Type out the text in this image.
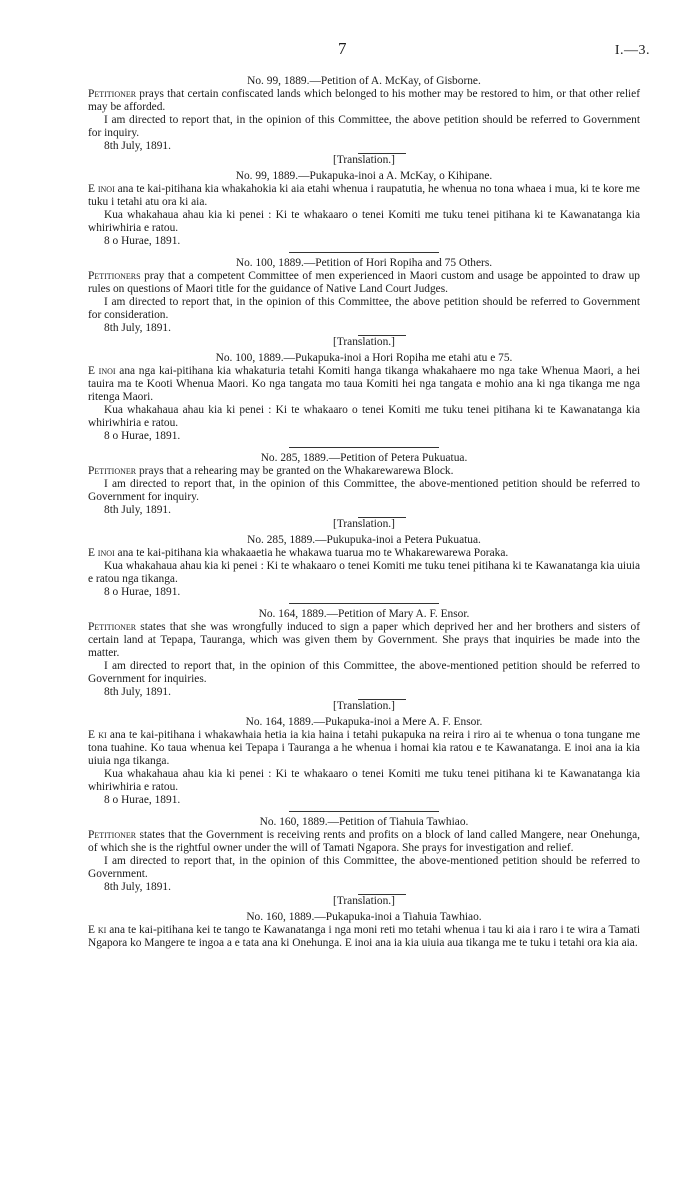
7	I.—3.

No. 99, 1889.—Petition of A. McKay, of Gisborne.

Petitioner prays that certain confiscated lands which belonged to his mother may be restored to him, or that other relief may be afforded.

I am directed to report that, in the opinion of this Committee, the above petition should be referred to Government for inquiry.

8th July, 1891.

[Translation.]

No. 99, 1889.—Pukapuka-inoi a A. McKay, o Kihipane.

E inoi ana te kai-pitihana kia whakahokia ki aia etahi whenua i raupatutia, he whenua no tona whaea i mua, ki te kore me tuku i tetahi atu ora ki aia.

Kua whakahaua ahau kia ki penei : Ki te whakaaro o tenei Komiti me tuku tenei pitihana ki te Kawanatanga kia whiriwhiria e ratou.

8 o Hurae, 1891.

No. 100, 1889.—Petition of Hori Ropiha and 75 Others.

Petitioners pray that a competent Committee of men experienced in Maori custom and usage be appointed to draw up rules on questions of Maori title for the guidance of Native Land Court Judges.

I am directed to report that, in the opinion of this Committee, the above petition should be referred to Government for consideration.

8th July, 1891.

[Translation.]

No. 100, 1889.—Pukapuka-inoi a Hori Ropiha me etahi atu e 75.

E inoi ana nga kai-pitihana kia whakaturia tetahi Komiti hanga tikanga whakahaere mo nga take Whenua Maori, a hei tauira ma te Kooti Whenua Maori. Ko nga tangata mo taua Komiti hei nga tangata e mohio ana ki nga tikanga me nga ritenga Maori.

Kua whakahaua ahau kia ki penei : Ki te whakaaro o tenei Komiti me tuku tenei pitihana ki te Kawanatanga kia whiriwhiria e ratou.

8 o Hurae, 1891.

No. 285, 1889.—Petition of Petera Pukuatua.

Petitioner prays that a rehearing may be granted on the Whakarewarewa Block.

I am directed to report that, in the opinion of this Committee, the above-mentioned petition should be referred to Government for inquiry.

8th July, 1891.

[Translation.]

No. 285, 1889.—Pukupuka-inoi a Petera Pukuatua.

E inoi ana te kai-pitihana kia whakaaetia he whakawa tuarua mo te Whakarewarewa Poraka.

Kua whakahaua ahau kia ki penei : Ki te whakaaro o tenei Komiti me tuku tenei pitihana ki te Kawanatanga kia uiuia e ratou nga tikanga.

8 o Hurae, 1891.

No. 164, 1889.—Petition of Mary A. F. Ensor.

Petitioner states that she was wrongfully induced to sign a paper which deprived her and her brothers and sisters of certain land at Tepapa, Tauranga, which was given them by Government. She prays that inquiries be made into the matter.

I am directed to report that, in the opinion of this Committee, the above-mentioned petition should be referred to Government for inquiries.

8th July, 1891.

[Translation.]

No. 164, 1889.—Pukapuka-inoi a Mere A. F. Ensor.

E ki ana te kai-pitihana i whakawhaia hetia ia kia haina i tetahi pukapuka na reira i riro ai te whenua o tona tungane me tona tuahine. Ko taua whenua kei Tepapa i Tauranga a he whenua i homai kia ratou e te Kawanatanga. E inoi ana ia kia uiuia nga tikanga.

Kua whakahaua ahau kia ki penei : Ki te whakaaro o tenei Komiti me tuku tenei pitihana ki te Kawanatanga kia whiriwhiria e ratou.

8 o Hurae, 1891.

No. 160, 1889.—Petition of Tiahuia Tawhiao.

Petitioner states that the Government is receiving rents and profits on a block of land called Mangere, near Onehunga, of which she is the rightful owner under the will of Tamati Ngapora. She prays for investigation and relief.

I am directed to report that, in the opinion of this Committee, the above-mentioned petition should be referred to Government.

8th July, 1891.

[Translation.]

No. 160, 1889.—Pukapuka-inoi a Tiahuia Tawhiao.

E ki ana te kai-pitihana kei te tango te Kawanatanga i nga moni reti mo tetahi whenua i tau ki aia i raro i te wira a Tamati Ngapora ko Mangere te ingoa a e tata ana ki Onehunga. E inoi ana ia kia uiuia aua tikanga me te tuku i tetahi ora kia aia.
